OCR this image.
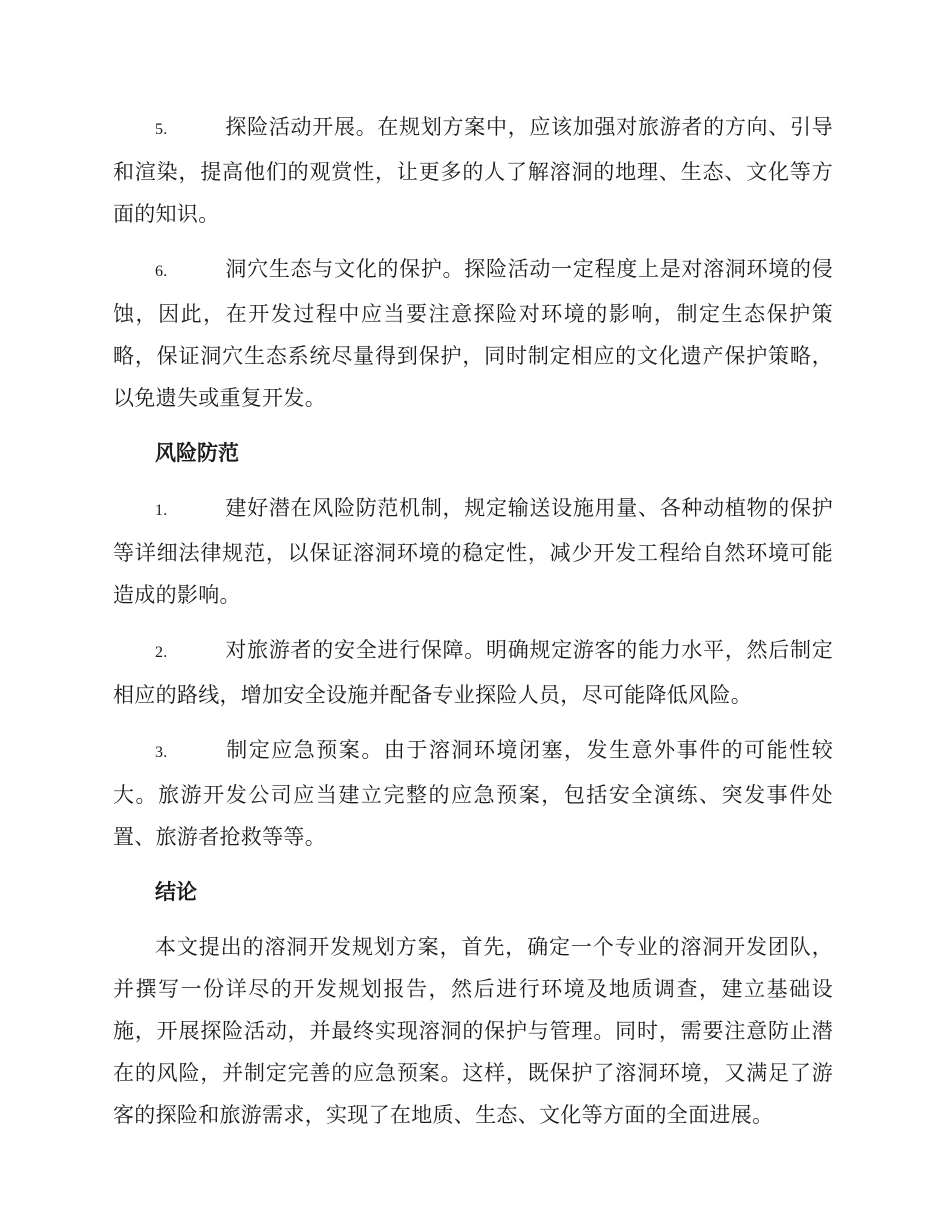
5.	探险活动开展。在规划方案中，应该加强对旅游者的方向、引导和渲染，提高他们的观赏性，让更多的人了解溶洞的地理、生态、文化等方面的知识。

6.	洞穴生态与文化的保护。探险活动一定程度上是对溶洞环境的侵蚀，因此，在开发过程中应当要注意探险对环境的影响，制定生态保护策略，保证洞穴生态系统尽量得到保护，同时制定相应的文化遗产保护策略，以免遗失或重复开发。

风险防范

1.	建好潜在风险防范机制，规定输送设施用量、各种动植物的保护等详细法律规范，以保证溶洞环境的稳定性，减少开发工程给自然环境可能造成的影响。

2.	对旅游者的安全进行保障。明确规定游客的能力水平，然后制定相应的路线，增加安全设施并配备专业探险人员，尽可能降低风险。

3.	制定应急预案。由于溶洞环境闭塞，发生意外事件的可能性较大。旅游开发公司应当建立完整的应急预案，包括安全演练、突发事件处置、旅游者抢救等等。

结论

本文提出的溶洞开发规划方案，首先，确定一个专业的溶洞开发团队，并撰写一份详尽的开发规划报告，然后进行环境及地质调查，建立基础设施，开展探险活动，并最终实现溶洞的保护与管理。同时，需要注意防止潜在的风险，并制定完善的应急预案。这样，既保护了溶洞环境，又满足了游客的探险和旅游需求，实现了在地质、生态、文化等方面的全面进展。
